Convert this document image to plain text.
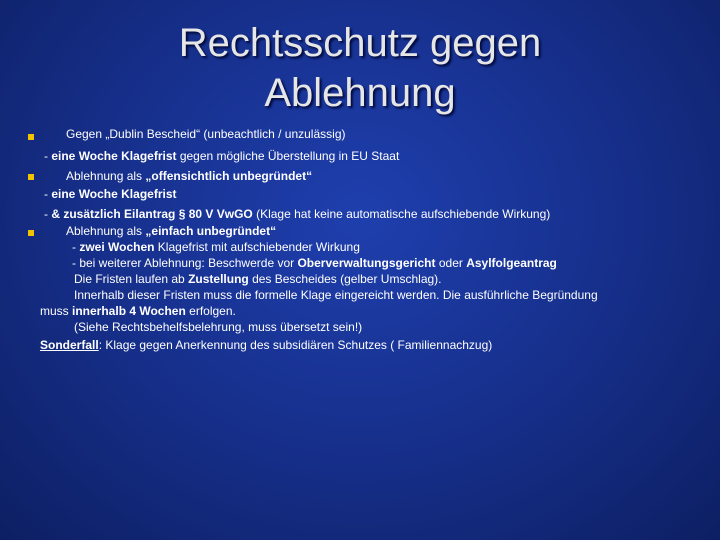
Rechtsschutz gegen
Ablehnung
Gegen „Dublin Bescheid“ (unbeachtlich / unzulässig)
- eine Woche Klagefrist gegen mögliche Überstellung in EU Staat
Ablehnung als „offensichtlich unbegründet“
- eine Woche Klagefrist
- & zusätzlich Eilantrag § 80 V VwGO (Klage hat keine automatische aufschiebende Wirkung)
Ablehnung als „einfach unbegründet“
- zwei Wochen Klagefrist mit aufschiebender Wirkung
- bei weiterer Ablehnung: Beschwerde vor Oberverwaltungsgericht oder Asylfolgeantrag
Die Fristen laufen ab Zustellung des Bescheides (gelber Umschlag).
Innerhalb dieser Fristen muss die formelle Klage eingereicht werden. Die ausführliche Begründung
muss innerhalb 4 Wochen erfolgen.
(Siehe Rechtsbehelfsbelehrung, muss übersetzt sein!)
Sonderfall: Klage gegen Anerkennung des subsidiären Schutzes ( Familiennachzug)
